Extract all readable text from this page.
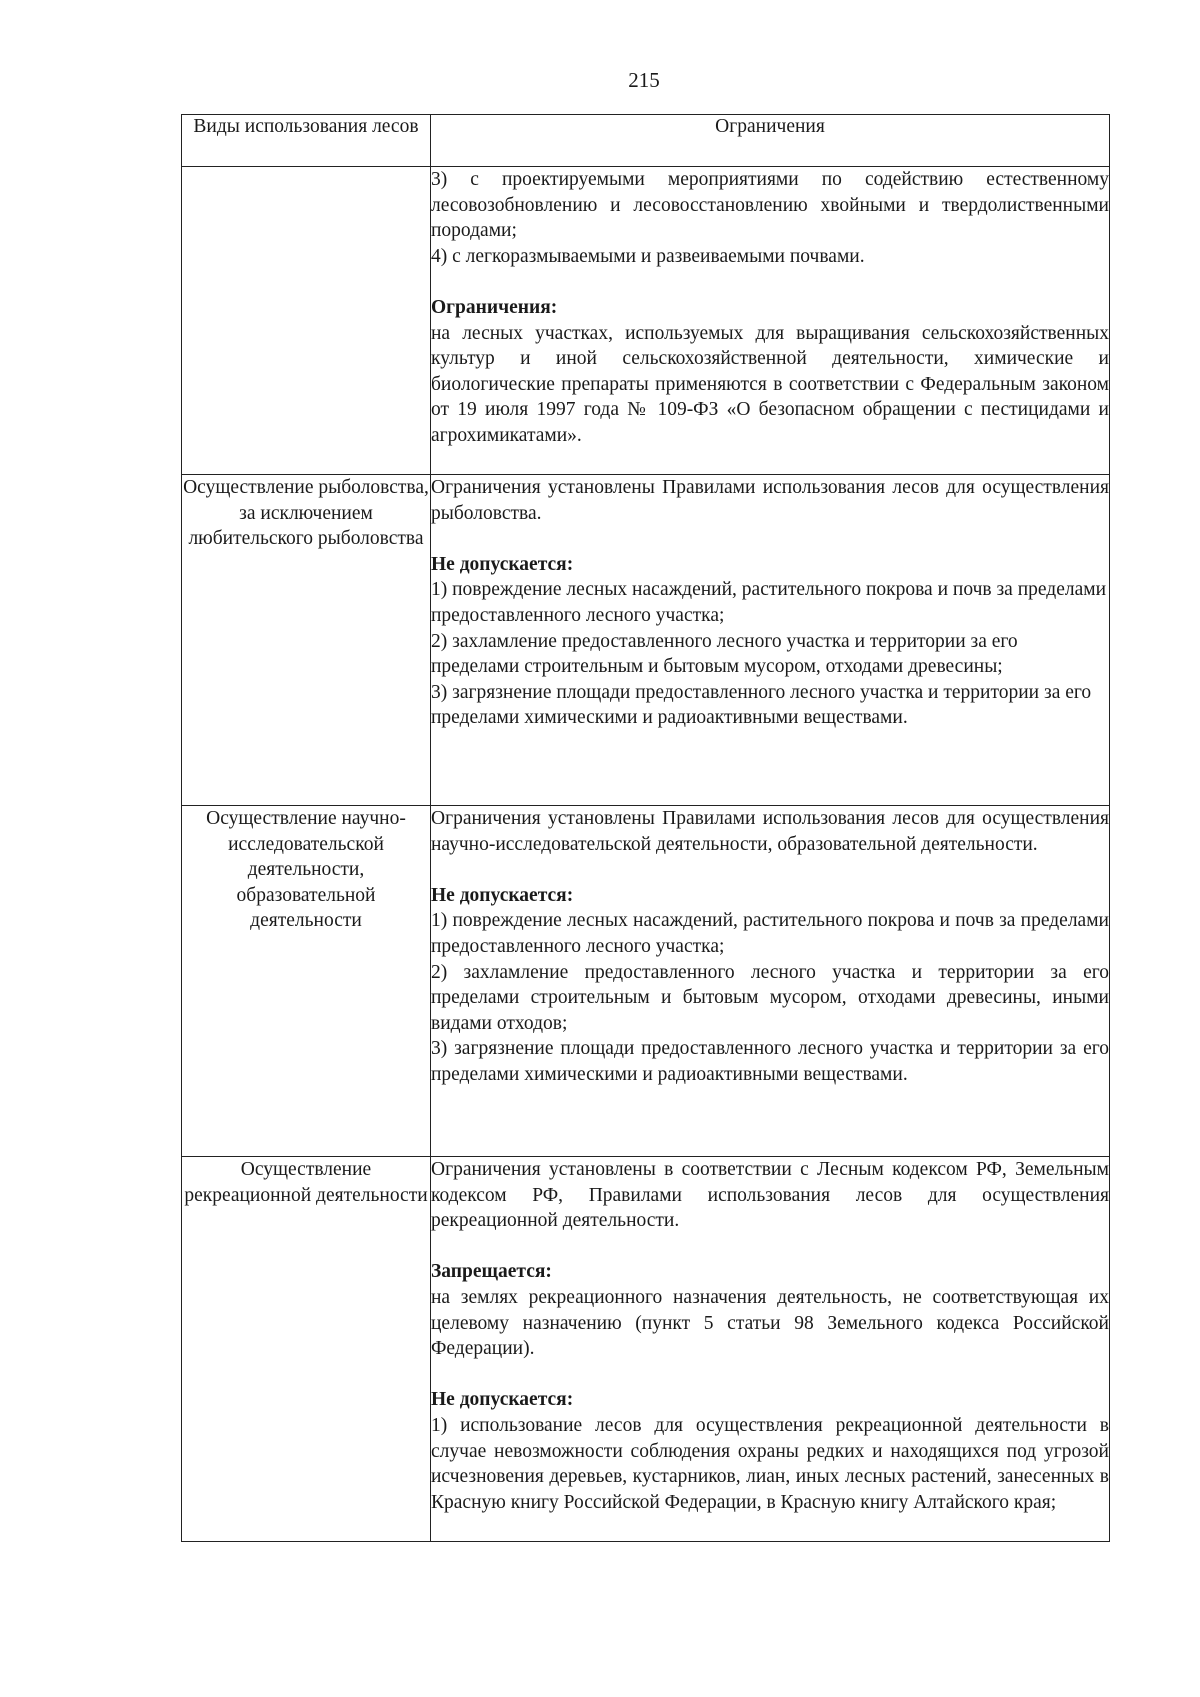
215
Виды использования лесов	Ограничения

	3) с проектируемыми мероприятиями по содействию естественному лесовозобновлению и лесовосстановлению хвойными и твердолиственными породами;

4) с легкоразмываемыми и развеиваемыми почвами.

Ограничения:

на лесных участках, используемых для выращивания сельскохозяйственных культур и иной сельскохозяйственной деятельности, химические и биологические препараты применяются в соответствии с Федеральным законом от 19 июля 1997 года № 109-ФЗ «О безопасном обращении с пестицидами и агрохимикатами».

Осуществление рыболовства, за исключением любительского рыболовства	Ограничения установлены Правилами использования лесов для осуществления рыболовства.

Не допускается:

1) повреждение лесных насаждений, растительного покрова и почв за пределами предоставленного лесного участка;

2) захламление предоставленного лесного участка и территории за его пределами строительным и бытовым мусором, отходами древесины;

3) загрязнение площади предоставленного лесного участка и территории за его пределами химическими и радиоактивными веществами.

Осуществление научно-исследовательской деятельности, образовательной деятельности	Ограничения установлены Правилами использования лесов для осуществления научно-исследовательской деятельности, образовательной деятельности.

Не допускается:

1) повреждение лесных насаждений, растительного покрова и почв за пределами предоставленного лесного участка;

2) захламление предоставленного лесного участка и территории за его пределами строительным и бытовым мусором, отходами древесины, иными видами отходов;

3) загрязнение площади предоставленного лесного участка и территории за его пределами химическими и радиоактивными веществами.

Осуществление рекреационной деятельности	Ограничения установлены в соответствии с Лесным кодексом РФ, Земельным кодексом РФ, Правилами использования лесов для осуществления рекреационной деятельности.

Запрещается:

на землях рекреационного назначения деятельность, не соответствующая их целевому назначению (пункт 5 статьи 98 Земельного кодекса Российской Федерации).

Не допускается:

1) использование лесов для осуществления рекреационной деятельности в случае невозможности соблюдения охраны редких и находящихся под угрозой исчезновения деревьев, кустарников, лиан, иных лесных растений, занесенных в Красную книгу Российской Федерации, в Красную книгу Алтайского края;
